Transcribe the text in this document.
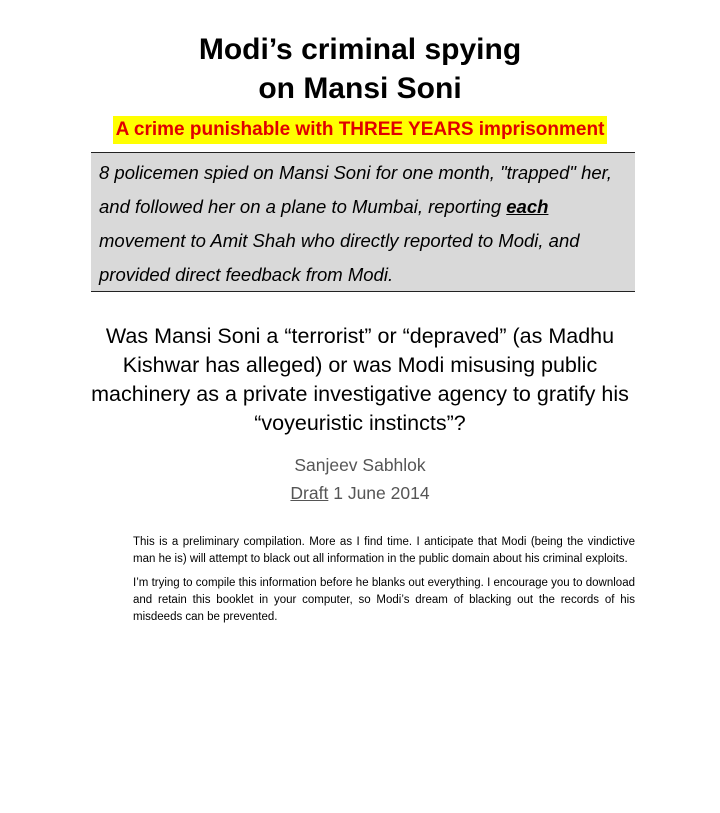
Modi’s criminal spying
on Mansi Soni
A crime punishable with THREE YEARS imprisonment
8 policemen spied on Mansi Soni for one month, "trapped" her, and followed her on a plane to Mumbai, reporting each movement to Amit Shah who directly reported to Modi, and provided direct feedback from Modi.
Was Mansi Soni a “terrorist” or “depraved” (as Madhu Kishwar has alleged) or was Modi misusing public machinery as a private investigative agency to gratify his “voyeuristic instincts”?
Sanjeev Sabhlok
Draft 1 June 2014

This is a preliminary compilation. More as I find time. I anticipate that Modi (being the vindictive man he is) will attempt to black out all information in the public domain about his criminal exploits.

I’m trying to compile this information before he blanks out everything. I encourage you to download and retain this booklet in your computer, so Modi’s dream of blacking out the records of his misdeeds can be prevented.
